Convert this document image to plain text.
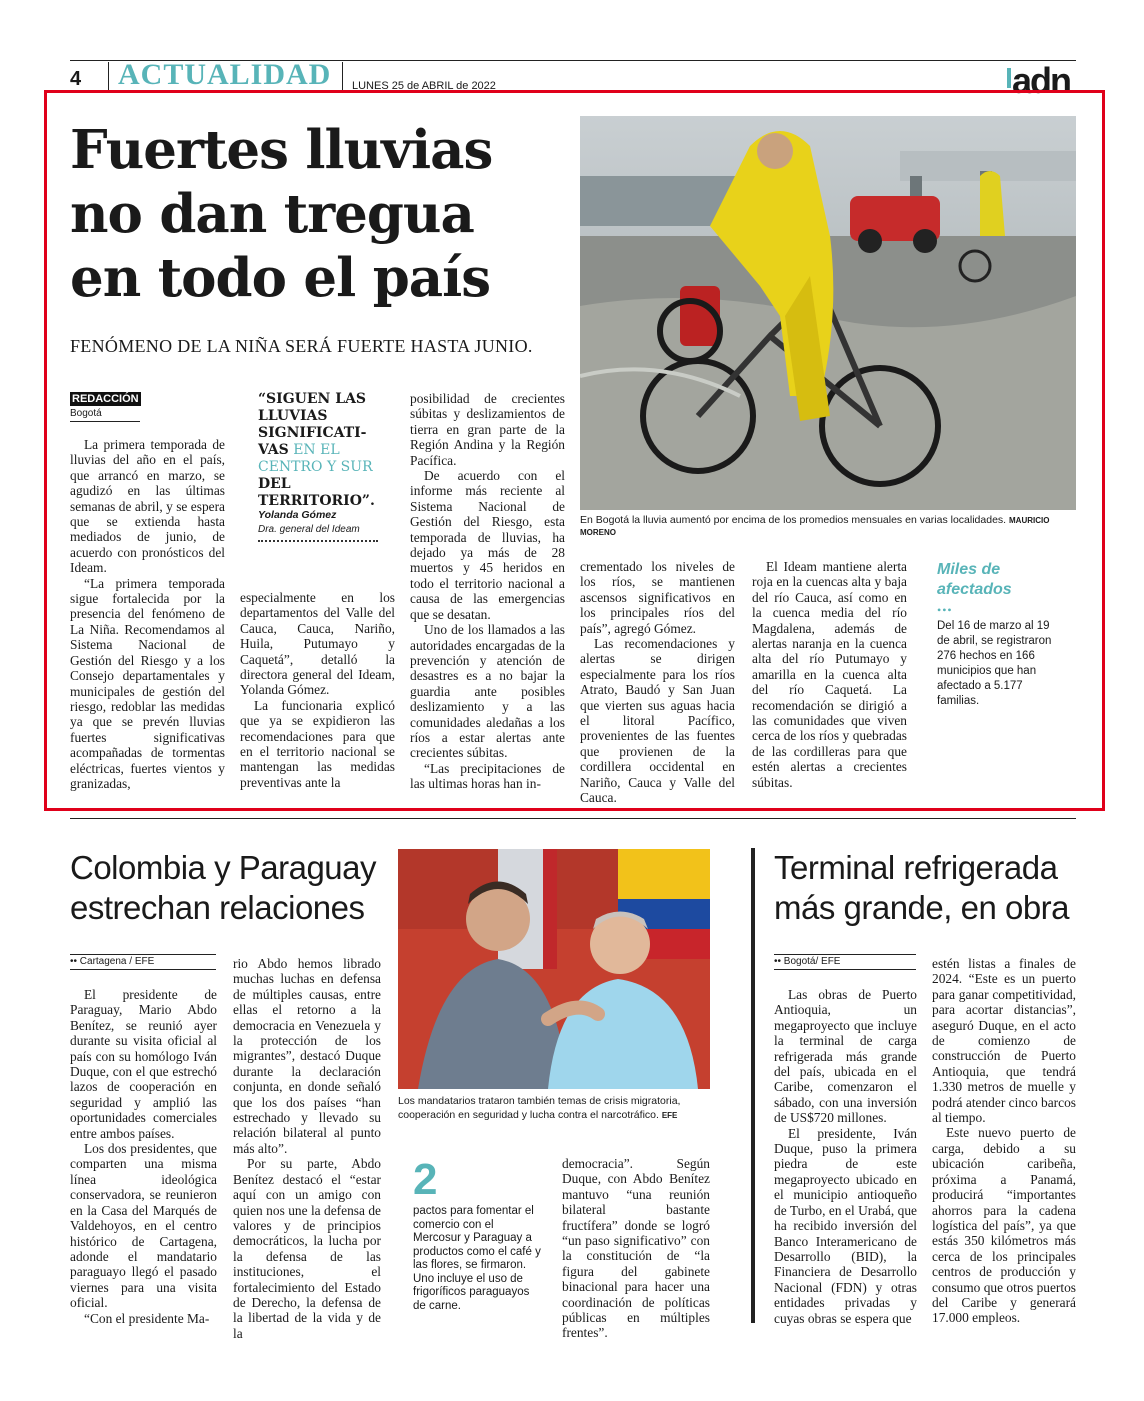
4 ACTUALIDAD LUNES 25 de ABRIL de 2022	adn
Fuertes lluvias no dan tregua en todo el país
FENÓMENO DE LA NIÑA SERÁ FUERTE HASTA JUNIO.
En Bogotá la lluvia aumentó por encima de los promedios mensuales en varias localidades. MAURICIO MORENO
REDACCIÓN
Bogotá
“SIGUEN LAS LLUVIAS SIGNIFICATI-VAS EN EL CENTRO Y SUR DEL TERRITORIO”.
Yolanda Gómez
Dra. general del Ideam

La primera temporada de lluvias del año en el país, que arrancó en marzo, se agudizó en las últimas semanas de abril, y se espera que se extienda hasta mediados de junio, de acuerdo con pronósticos del Ideam.

“La primera temporada sigue fortalecida por la presencia del fenómeno de La Niña. Recomendamos al Sistema Nacional de Gestión del Riesgo y a los Consejo departamentales y municipales de gestión del riesgo, redoblar las medidas ya que se prevén lluvias fuertes significativas acompañadas de tormentas eléctricas, fuertes vientos y granizadas,

especialmente en los departamentos del Valle del Cauca, Cauca, Nariño, Huila, Putumayo y Caquetá”, detalló la directora general del Ideam, Yolanda Gómez.

La funcionaria explicó que ya se expidieron las recomendaciones para que en el territorio nacional se mantengan las medidas preventivas ante la

posibilidad de crecientes súbitas y deslizamientos de tierra en gran parte de la Región Andina y la Región Pacífica.

De acuerdo con el informe más reciente al Sistema Nacional de Gestión del Riesgo, esta temporada de lluvias, ha dejado ya más de 28 muertos y 45 heridos en todo el territorio nacional a causa de las emergencias que se desatan.

Uno de los llamados a las autoridades encargadas de la prevención y atención de desastres es a no bajar la guardia ante posibles deslizamiento y a las comunidades aledañas a los ríos a estar alertas ante crecientes súbitas.

“Las precipitaciones de las ultimas horas han in-

crementado los niveles de los ríos, se mantienen ascensos significativos en los principales ríos del país”, agregó Gómez.

Las recomendaciones y alertas se dirigen especialmente para los ríos Atrato, Baudó y San Juan que vierten sus aguas hacia el litoral Pacífico, provenientes de las fuentes que provienen de la cordillera occidental en Nariño, Cauca y Valle del Cauca.

El Ideam mantiene alerta roja en la cuencas alta y baja del río Cauca, así como en la cuenca media del río Magdalena, además de alertas naranja en la cuenca alta del río Putumayo y amarilla en la cuenca alta del río Caquetá. La recomendación se dirigió a las comunidades que viven cerca de los ríos y quebradas de las cordilleras para que estén alertas a crecientes súbitas.

Miles de afectados
•••
Del 16 de marzo al 19 de abril, se registraron 276 hechos en 166 municipios que han afectado a 5.177 familias.
Colombia y Paraguay estrechan relaciones
•• Cartagena / EFE

El presidente de Paraguay, Mario Abdo Benítez, se reunió ayer durante su visita oficial al país con su homólogo Iván Duque, con el que estrechó lazos de cooperación en seguridad y amplió las oportunidades comerciales entre ambos países.

Los dos presidentes, que comparten una misma línea ideológica conservadora, se reunieron en la Casa del Marqués de Valdehoyos, en el centro histórico de Cartagena, adonde el mandatario paraguayo llegó el pasado viernes para una visita oficial.

“Con el presidente Ma-

rio Abdo hemos librado muchas luchas en defensa de múltiples causas, entre ellas el retorno a la democracia en Venezuela y la protección de los migrantes”, destacó Duque durante la declaración conjunta, en donde señaló que los dos países “han estrechado y llevado su relación bilateral al punto más alto”.

Por su parte, Abdo Benítez destacó el “estar aquí con un amigo con quien nos une la defensa de valores y de principios democráticos, la lucha por la defensa de las instituciones, el fortalecimiento del Estado de Derecho, la defensa de la libertad de la vida y de la

Los mandatarios trataron también temas de crisis migratoria, cooperación en seguridad y lucha contra el narcotráfico. EFE
2
pactos para fomentar el comercio con el Mercosur y Paraguay a productos como el café y las flores, se firmaron. Uno incluye el uso de frigoríficos paraguayos de carne.

democracia”. Según Duque, con Abdo Benítez mantuvo “una reunión bilateral bastante fructífera” donde se logró “un paso significativo” con la constitución de “la figura del gabinete binacional para hacer una coordinación de políticas públicas en múltiples frentes”.

Terminal refrigerada más grande, en obra
•• Bogotá/ EFE

Las obras de Puerto Antioquia, un megaproyecto que incluye la terminal de carga refrigerada más grande del país, ubicada en el Caribe, comenzaron el sábado, con una inversión de US$720 millones.

El presidente, Iván Duque, puso la primera piedra de este megaproyecto ubicado en el municipio antioqueño de Turbo, en el Urabá, que ha recibido inversión del Banco Interamericano de Desarrollo (BID), la Financiera de Desarrollo Nacional (FDN) y otras entidades privadas y cuyas obras se espera que

estén listas a finales de 2024. “Este es un puerto para ganar competitividad, para acortar distancias”, aseguró Duque, en el acto de comienzo de construcción de Puerto Antioquia, que tendrá 1.330 metros de muelle y podrá atender cinco barcos al tiempo.

Este nuevo puerto de carga, debido a su ubicación caribeña, próxima a Panamá, producirá “importantes ahorros para la cadena logística del país”, ya que estás 350 kilómetros más cerca de los principales centros de producción y consumo que otros puertos del Caribe y generará 17.000 empleos.
